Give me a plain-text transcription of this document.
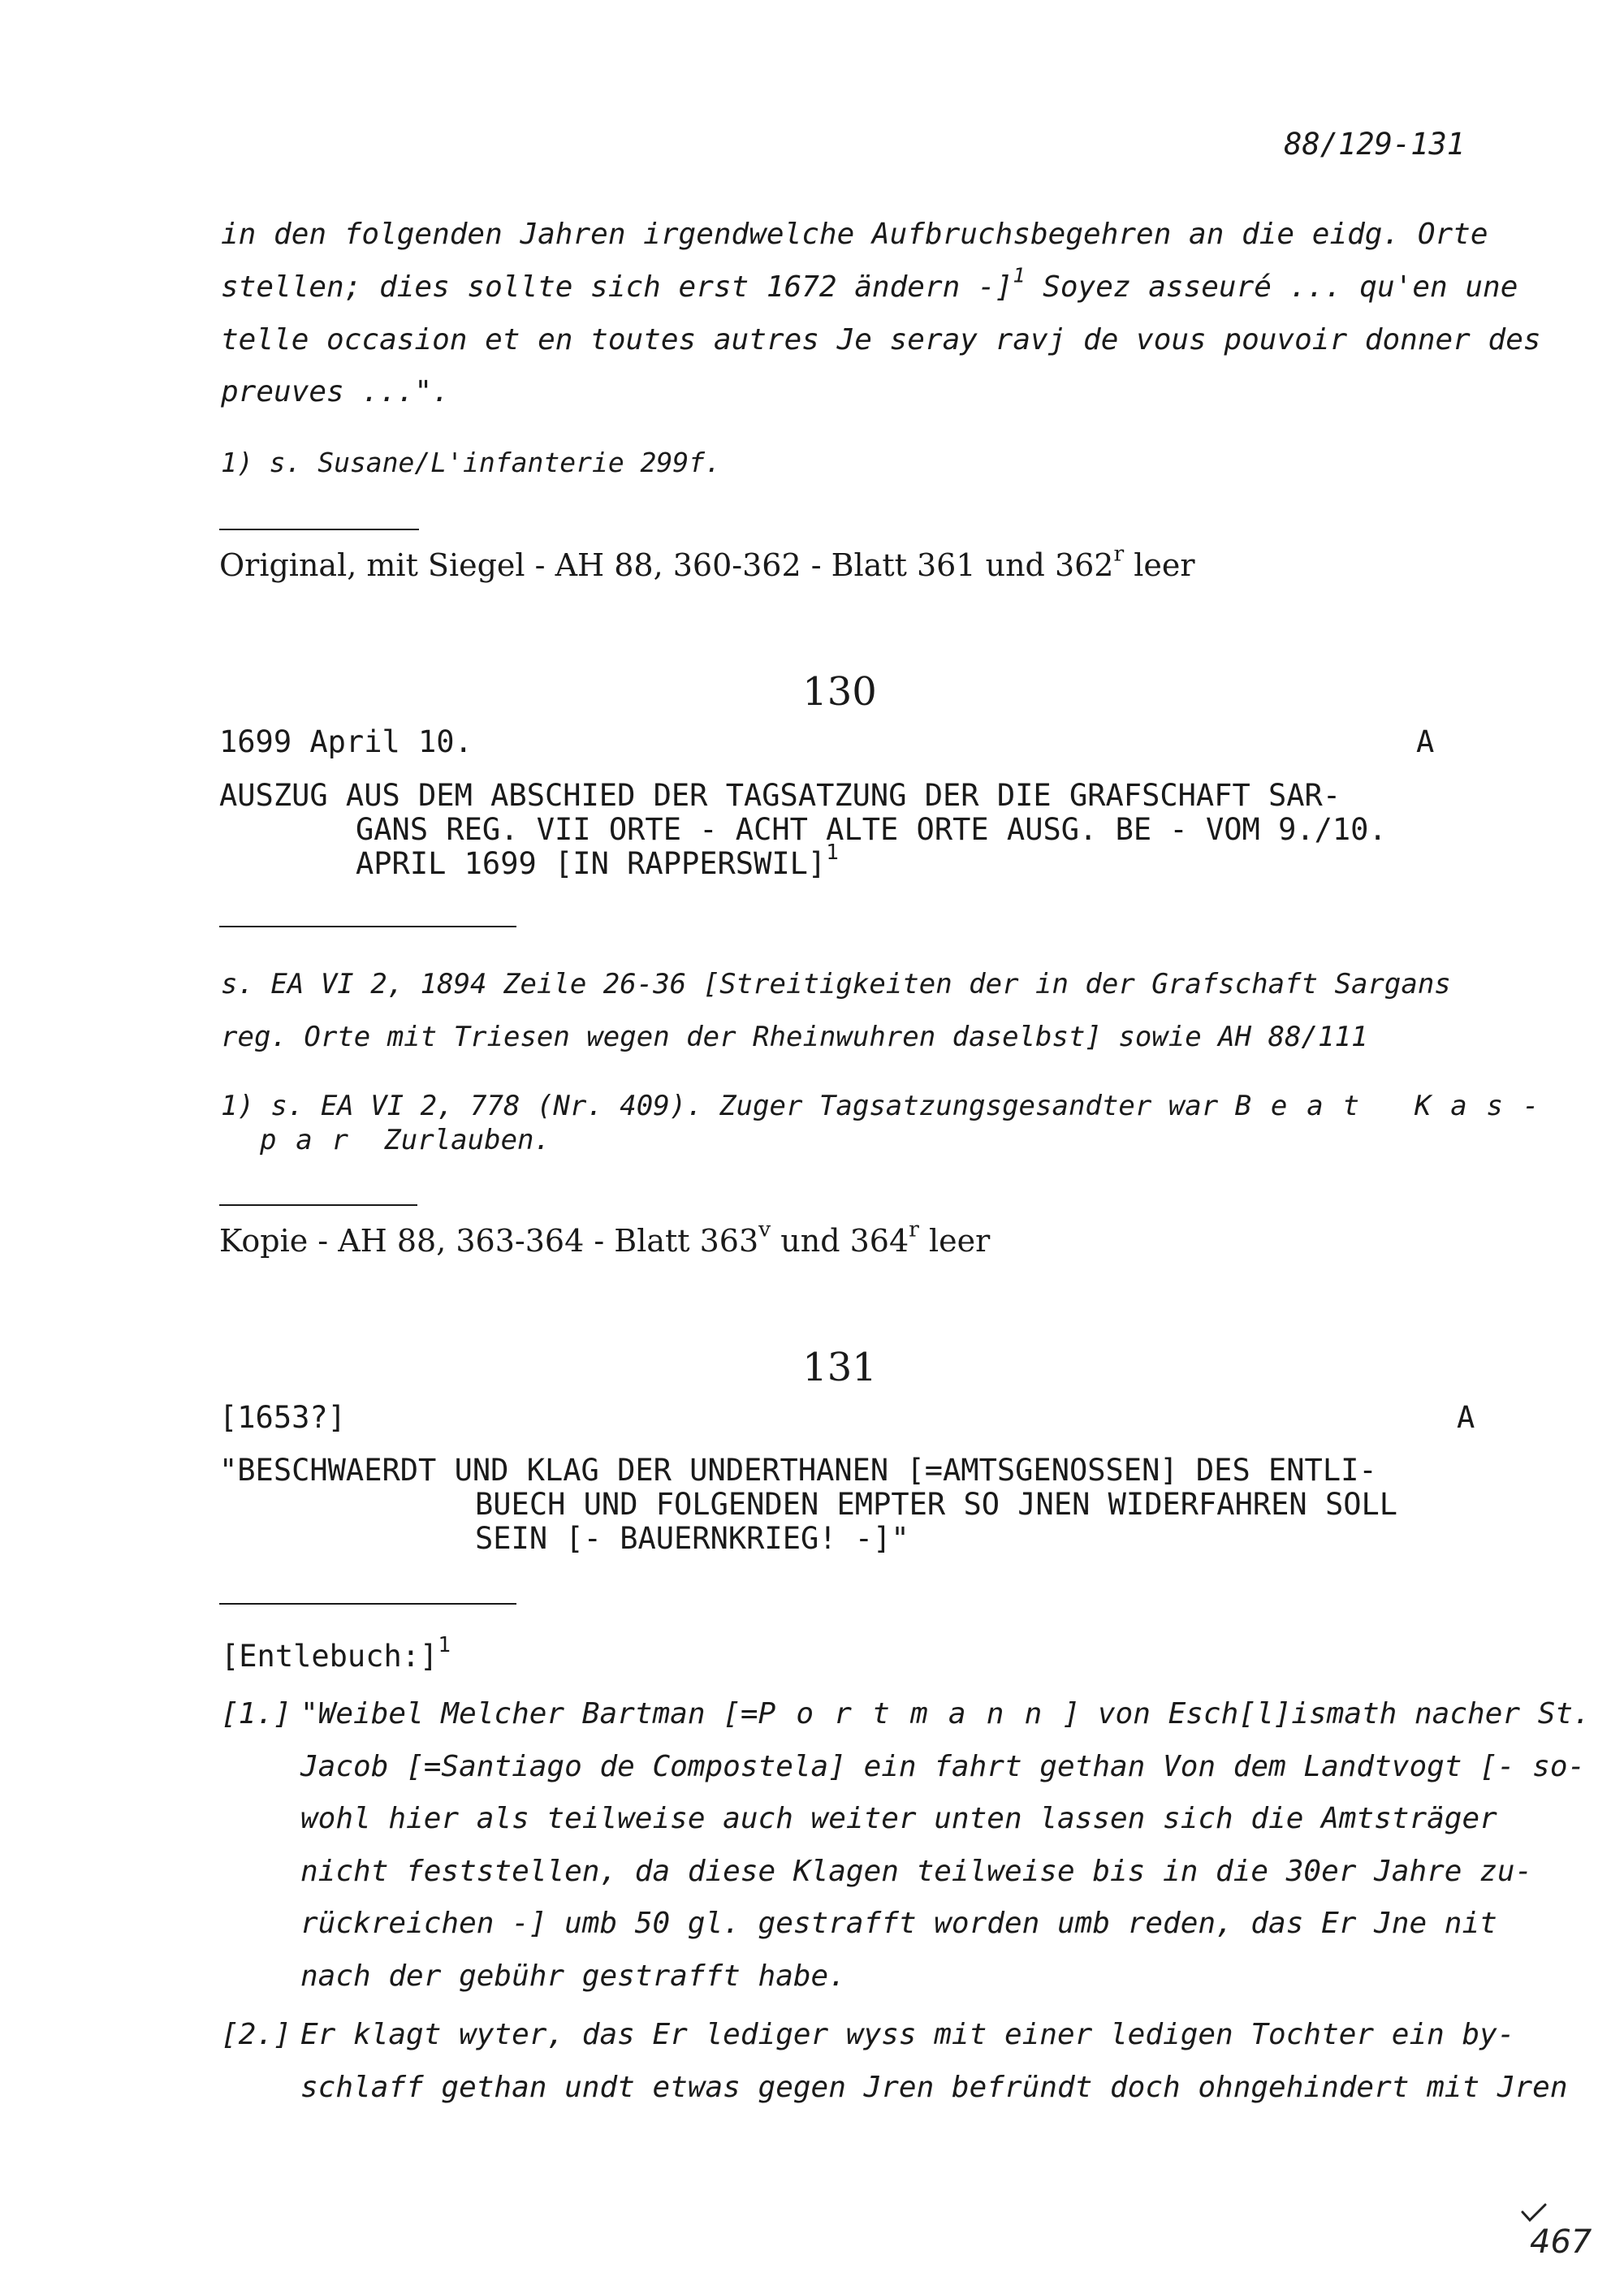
88/129-131
in den folgenden Jahren irgendwelche Aufbruchsbegehren an die eidg. Orte
stellen; dies sollte sich erst 1672 ändern -]$^1$ Soyez asseuré ... qu'en une
telle occasion et en toutes autres Je seray ravj de vous pouvoir donner des
preuves ...".
1) s. Susane/L'infanterie 299f.
Original, mit Siegel - AH 88, 360-362 - Blatt 361 und 362$^r$ leer
130
1699 April 10.	A
AUSZUG AUS DEM ABSCHIED DER TAGSATZUNG DER DIE GRAFSCHAFT SAR-
GANS REG. VII ORTE - ACHT ALTE ORTE AUSG. BE - VOM 9./10.
APRIL 1699 [IN RAPPERSWIL]$^1$
s. EA VI 2, 1894 Zeile 26-36 [Streitigkeiten der in der Grafschaft Sargans
reg. Orte mit Triesen wegen der Rheinwuhren daselbst] sowie AH 88/111
1) s. EA VI 2, 778 (Nr. 409). Zuger Tagsatzungsgesandter war Beat Kas-
par Zurlauben.
Kopie - AH 88, 363-364 - Blatt 363$^v$ und 364$^r$ leer
131
[1653?]	A
"BESCHWAERDT UND KLAG DER UNDERTHANEN [=AMTSGENOSSEN] DES ENTLI-
BUECH UND FOLGENDEN EMPTER SO JNEN WIDERFAHREN SOLL
SEIN [- BAUERNKRIEG! -]"
[Entlebuch:]$^1$
[1.] "Weibel Melcher Bartman [=Portmann] von Esch[l]ismath nacher St.
Jacob [=Santiago de Compostela] ein fahrt gethan Von dem Landtvogt [- so-
wohl hier als teilweise auch weiter unten lassen sich die Amtsträger
nicht feststellen, da diese Klagen teilweise bis in die 30er Jahre zu-
rückreichen -] umb 50 gl. gestrafft worden umb reden, das Er Jne nit
nach der gebühr gestrafft habe.
[2.] Er klagt wyter, das Er lediger wyss mit einer ledigen Tochter ein by-
schlaff gethan undt etwas gegen Jren befründt doch ohngehindert mit Jren
467
